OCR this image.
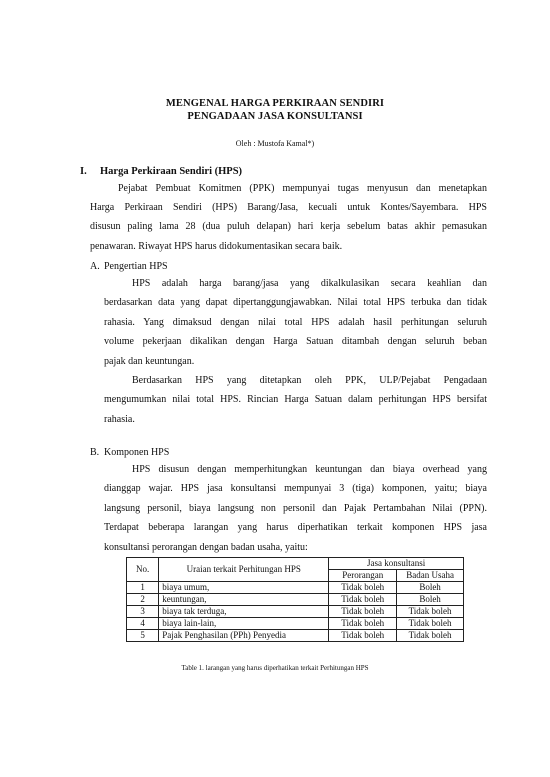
MENGENAL HARGA PERKIRAAN SENDIRI
PENGADAAN JASA KONSULTANSI
Oleh : Mustofa Kamal*)
I. Harga Perkiraan Sendiri (HPS)
Pejabat Pembuat Komitmen (PPK) mempunyai tugas menyusun dan menetapkan
Harga Perkiraan Sendiri (HPS) Barang/Jasa, kecuali untuk Kontes/Sayembara. HPS
disusun paling lama 28 (dua puluh delapan) hari kerja sebelum batas akhir pemasukan
penawaran. Riwayat HPS harus didokumentasikan secara baik.
A. Pengertian HPS
HPS adalah harga barang/jasa yang dikalkulasikan secara keahlian dan
berdasarkan data yang dapat dipertanggungjawabkan. Nilai total HPS terbuka dan tidak
rahasia. Yang dimaksud dengan nilai total HPS adalah hasil perhitungan seluruh
volume pekerjaan dikalikan dengan Harga Satuan ditambah dengan seluruh beban
pajak dan keuntungan.
Berdasarkan HPS yang ditetapkan oleh PPK, ULP/Pejabat Pengadaan
mengumumkan nilai total HPS. Rincian Harga Satuan dalam perhitungan HPS bersifat
rahasia.
B. Komponen HPS
HPS disusun dengan memperhitungkan keuntungan dan biaya overhead yang
dianggap wajar. HPS jasa konsultansi mempunyai 3 (tiga) komponen, yaitu; biaya
langsung personil, biaya langsung non personil dan Pajak Pertambahan Nilai (PPN).
Terdapat beberapa larangan yang harus diperhatikan terkait komponen HPS jasa
konsultansi perorangan dengan badan usaha, yaitu:
No.	Uraian terkait Perhitungan HPS	Jasa konsultansi	
		Perorangan	Badan Usaha
1	biaya umum,	Tidak boleh	Boleh
2	keuntungan,	Tidak boleh	Boleh
3	biaya tak terduga,	Tidak boleh	Tidak boleh
4	biaya lain-lain,	Tidak boleh	Tidak boleh
5	Pajak Penghasilan (PPh) Penyedia	Tidak boleh	Tidak boleh
Table 1. larangan yang harus diperhatikan terkait Perhitungan HPS
